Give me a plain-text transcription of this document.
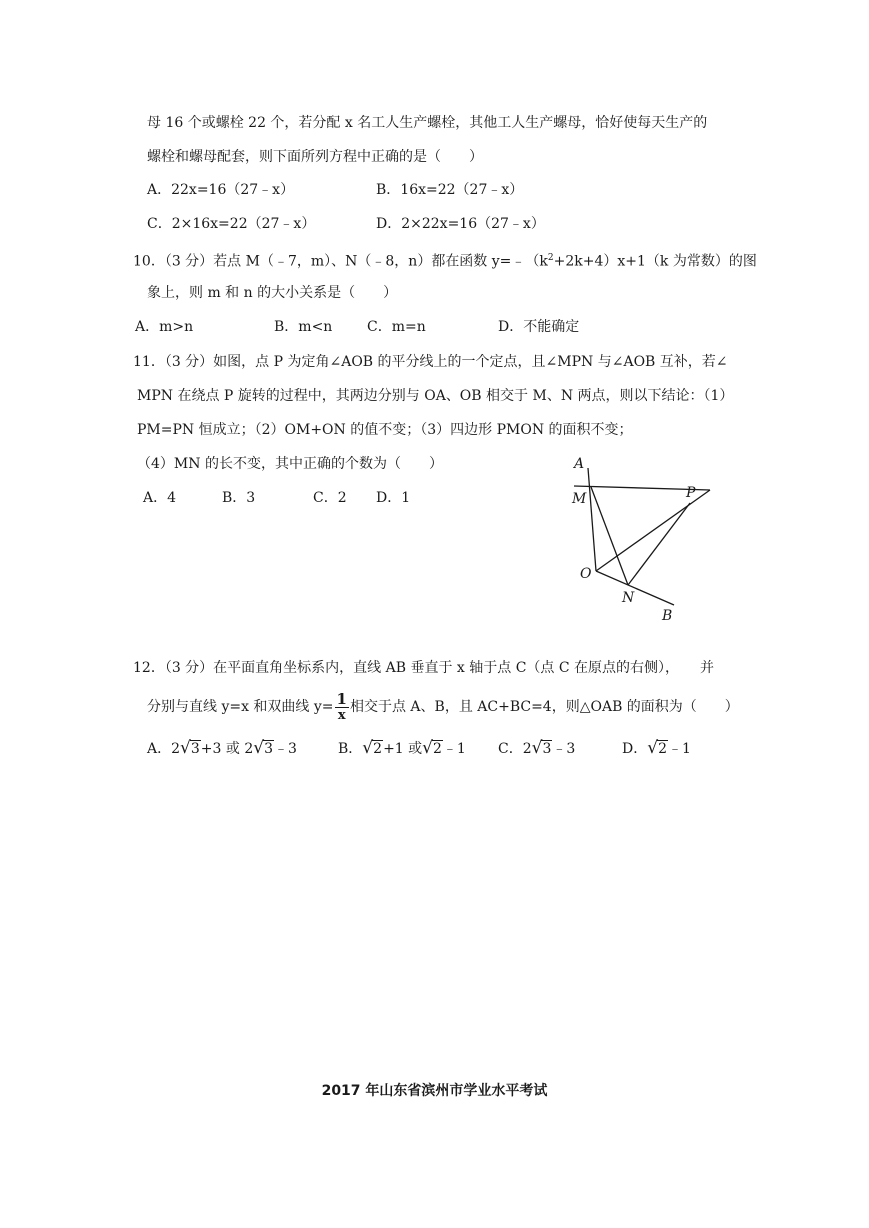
母 16 个或螺栓 22 个，若分配 x 名工人生产螺栓，其他工人生产螺母，恰好使每天生产的
螺栓和螺母配套，则下面所列方程中正确的是（　　）
A．22x=16（27﹣x）	B．16x=22（27﹣x）
C．2×16x=22（27﹣x）	D．2×22x=16（27﹣x）
10．（3 分）若点 M（﹣7，m）、N（﹣8，n）都在函数 $y=﹣(k^2+2k+4)x+1(k$ 为常数）的图
象上，则 m 和 n 的大小关系是（　　）
A．m>n	B．m<n C．m=n	D．不能确定
11．（3 分）如图，点 P 为定角∠AOB 的平分线上的一个定点，且∠MPN 与∠AOB 互补，若∠
MPN 在绕点 P 旋转的过程中，其两边分别与 OA、OB 相交于 M、N 两点，则以下结论：（1）
PM=PN 恒成立；（2）OM+ON 的值不变；（3）四边形 PMON 的面积不变；
（4）MN 的长不变，其中正确的个数为（　　）
A．4	B．3	C．2 D．1
A
M	P
O
N
B
12．（3 分）在平面直角坐标系内，直线 AB 垂直于 x 轴于点 C（点 C 在原点的右侧），　　并
分别与直线 y=x 和双曲线 $y= \frac{1}{x}$ 相交于点 A、B，且 AC+BC=4，则△OAB 的面积为（　　）
A．2√3+3 或 2√3﹣3	B．√2+1 或√2﹣1 C．2√3﹣3	D．√2﹣1
2017 年山东省滨州市学业水平考试
